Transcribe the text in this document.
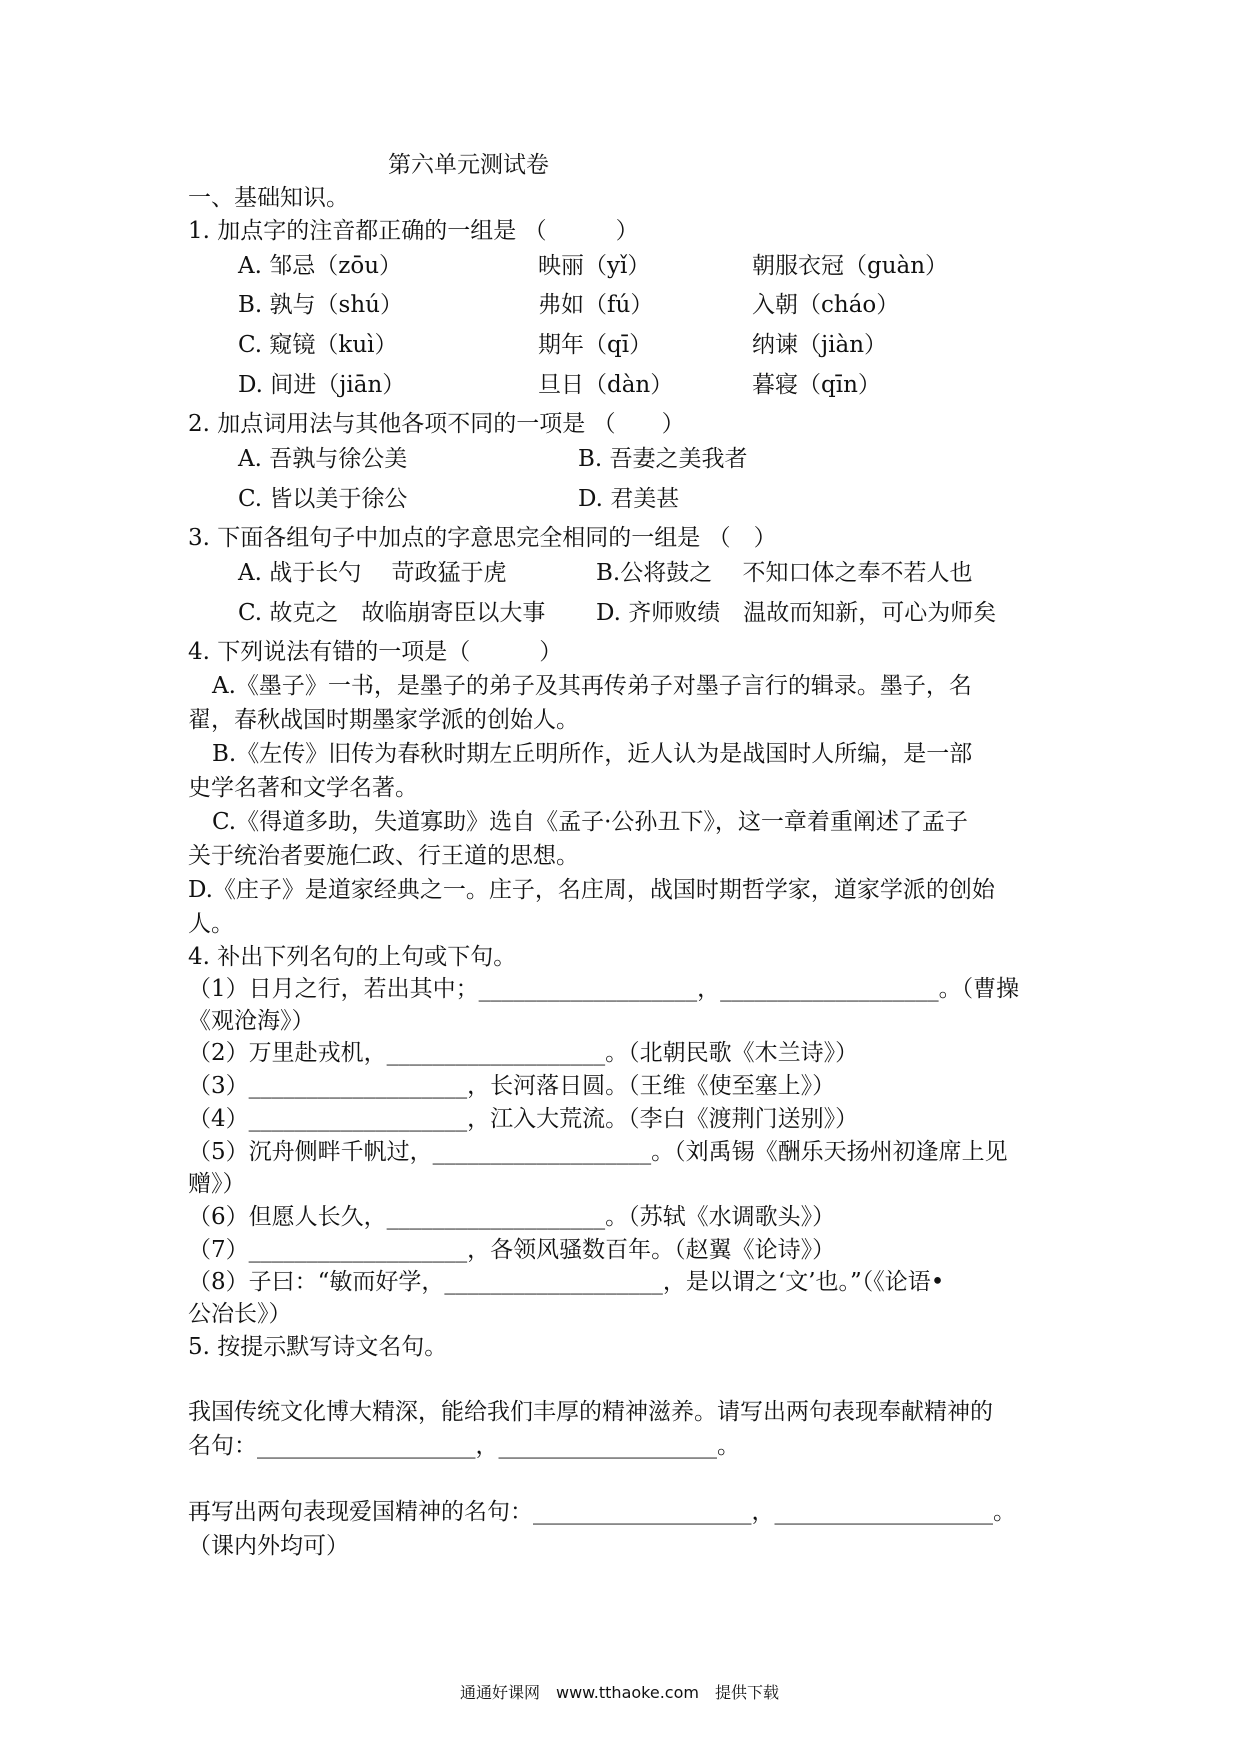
第六单元测试卷
一、基础知识。
1. 加点字的注音都正确的一组是 （　　　）
A. 邹忌（zōu）	映丽（yǐ）	朝服衣冠（guàn）
B. 孰与（shú）	弗如（fú）	入朝（cháo）
C. 窥镜（kuì）	期年（qī）	纳谏（jiàn）
D. 间进（jiān）	旦日（dàn）	暮寝（qīn）
2. 加点词用法与其他各项不同的一项是 （　　）
A. 吾孰与徐公美	B. 吾妻之美我者
C. 皆以美于徐公	D. 君美甚
3. 下面各组句子中加点的字意思完全相同的一组是 （　）
A. 战于长勺　 苛政猛于虎	B.公将鼓之　 不知口体之奉不若人也
C. 故克之　故临崩寄臣以大事 D. 齐师败绩　温故而知新，可心为师矣
4. 下列说法有错的一项是（　　　）
A.《墨子》一书，是墨子的弟子及其再传弟子对墨子言行的辑录。墨子，名
翟，春秋战国时期墨家学派的创始人。
B.《左传》旧传为春秋时期左丘明所作，近人认为是战国时人所编，是一部
史学名著和文学名著。
C.《得道多助，失道寡助》选自《孟子·公孙丑下》，这一章着重阐述了孟子
关于统治者要施仁政、行王道的思想。
D.《庄子》是道家经典之一。庄子，名庄周，战国时期哲学家，道家学派的创始
人。
4. 补出下列名句的上句或下句。
（1）日月之行，若出其中；___________________，___________________。（曹操
《观沧海》）
（2）万里赴戎机，___________________。（北朝民歌《木兰诗》）
（3）___________________，长河落日圆。（王维《使至塞上》）
（4）___________________，江入大荒流。（李白《渡荆门送别》）
（5）沉舟侧畔千帆过，___________________。（刘禹锡《酬乐天扬州初逢席上见
赠》）
（6）但愿人长久，___________________。（苏轼《水调歌头》）
（7）___________________，各领风骚数百年。（赵翼《论诗》）
（8）子曰：“敏而好学，___________________，是以谓之‘文’也。”（《论语•
公冶长》）
5. 按提示默写诗文名句。
我国传统文化博大精深，能给我们丰厚的精神滋养。请写出两句表现奉献精神的
名句：___________________，___________________。
再写出两句表现爱国精神的名句：___________________，___________________。
（课内外均可）
通通好课网　www.tthaoke.com　提供下载
